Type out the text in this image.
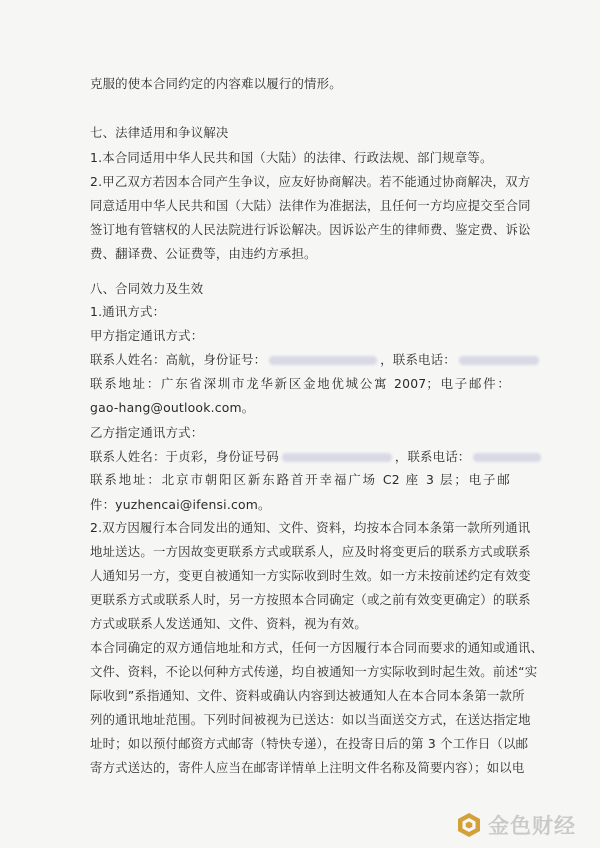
克服的使本合同约定的内容难以履行的情形。
七、法律适用和争议解决
1.本合同适用中华人民共和国（大陆）的法律、行政法规、部门规章等。
2.甲乙双方若因本合同产生争议，应友好协商解决。若不能通过协商解决，双方
同意适用中华人民共和国（大陆）法律作为准据法，且任何一方均应提交至合同
签订地有管辖权的人民法院进行诉讼解决。因诉讼产生的律师费、鉴定费、诉讼
费、翻译费、公证费等，由违约方承担。
八、合同效力及生效
1.通讯方式：
甲方指定通讯方式：
联系人姓名：高航，身份证号：	，联系电话：
联系地址：广东省深圳市龙华新区金地优城公寓 2007；电子邮件：
gao-hang@outlook.com。
乙方指定通讯方式：
联系人姓名：于贞彩，身份证号码	，联系电话：
联系地址：北京市朝阳区新东路首开幸福广场 C2 座 3 层；电子邮
件：yuzhencai@ifensi.com。
2.双方因履行本合同发出的通知、文件、资料，均按本合同本条第一款所列通讯
地址送达。一方因故变更联系方式或联系人，应及时将变更后的联系方式或联系
人通知另一方，变更自被通知一方实际收到时生效。如一方未按前述约定有效变
更联系方式或联系人时，另一方按照本合同确定（或之前有效变更确定）的联系
方式或联系人发送通知、文件、资料，视为有效。
本合同确定的双方通信地址和方式，任何一方因履行本合同而要求的通知或通讯、
文件、资料，不论以何种方式传递，均自被通知一方实际收到时起生效。前述“实
际收到”系指通知、文件、资料或确认内容到达被通知人在本合同本条第一款所
列的通讯地址范围。下列时间被视为已送达：如以当面送交方式，在送达指定地
址时；如以预付邮资方式邮寄（特快专递），在投寄日后的第 3 个工作日（以邮
寄方式送达的，寄件人应当在邮寄详情单上注明文件名称及简要内容）；如以电
金色财经
